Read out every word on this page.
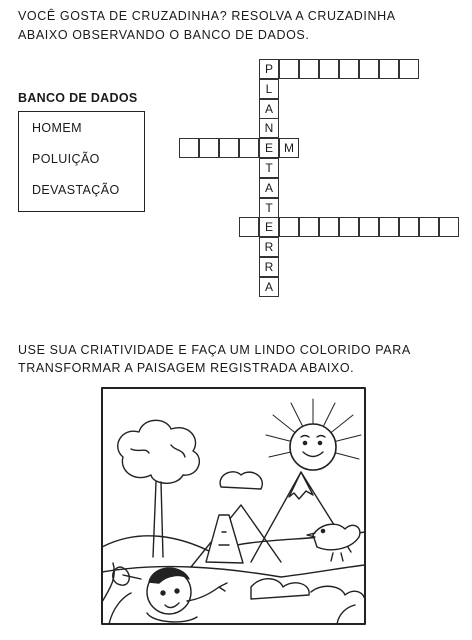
VOCÊ GOSTA DE CRUZADINHA? RESOLVA A CRUZADINHA
ABAIXO OBSERVANDO O BANCO DE DADOS.
BANCO DE DADOS
HOMEM
POLUIÇÃO
DEVASTAÇÃO
P
L
A
N
E
T
A
T
E
R
R
A
M
USE SUA CRIATIVIDADE E FAÇA UM LINDO COLORIDO PARA
TRANSFORMAR A PAISAGEM REGISTRADA ABAIXO.
